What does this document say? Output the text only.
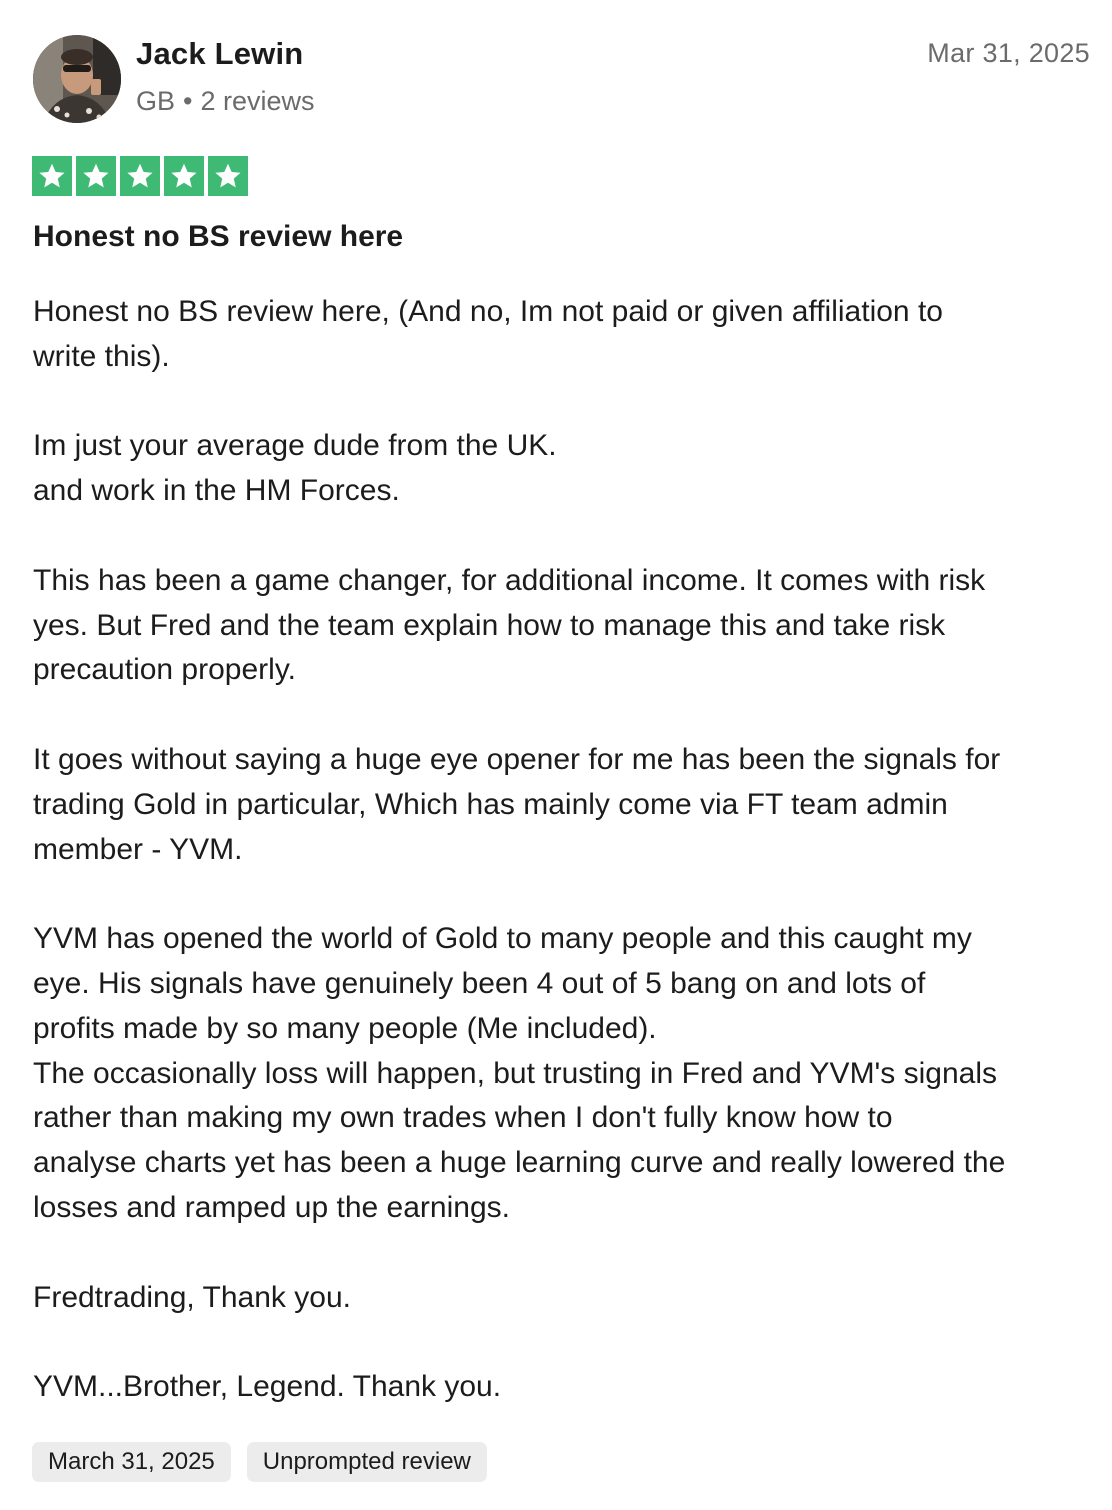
Jack Lewin
GB • 2 reviews
Mar 31, 2025
Honest no BS review here

Honest no BS review here, (And no, Im not paid or given affiliation to
write this).

Im just your average dude from the UK.
and work in the HM Forces.

This has been a game changer, for additional income. It comes with risk
yes. But Fred and the team explain how to manage this and take risk
precaution properly.

It goes without saying a huge eye opener for me has been the signals for
trading Gold in particular, Which has mainly come via FT team admin
member - YVM.

YVM has opened the world of Gold to many people and this caught my
eye. His signals have genuinely been 4 out of 5 bang on and lots of
profits made by so many people (Me included).
The occasionally loss will happen, but trusting in Fred and YVM's signals
rather than making my own trades when I don't fully know how to
analyse charts yet has been a huge learning curve and really lowered the
losses and ramped up the earnings.

Fredtrading, Thank you.

YVM...Brother, Legend. Thank you.

March 31, 2025	Unprompted review
